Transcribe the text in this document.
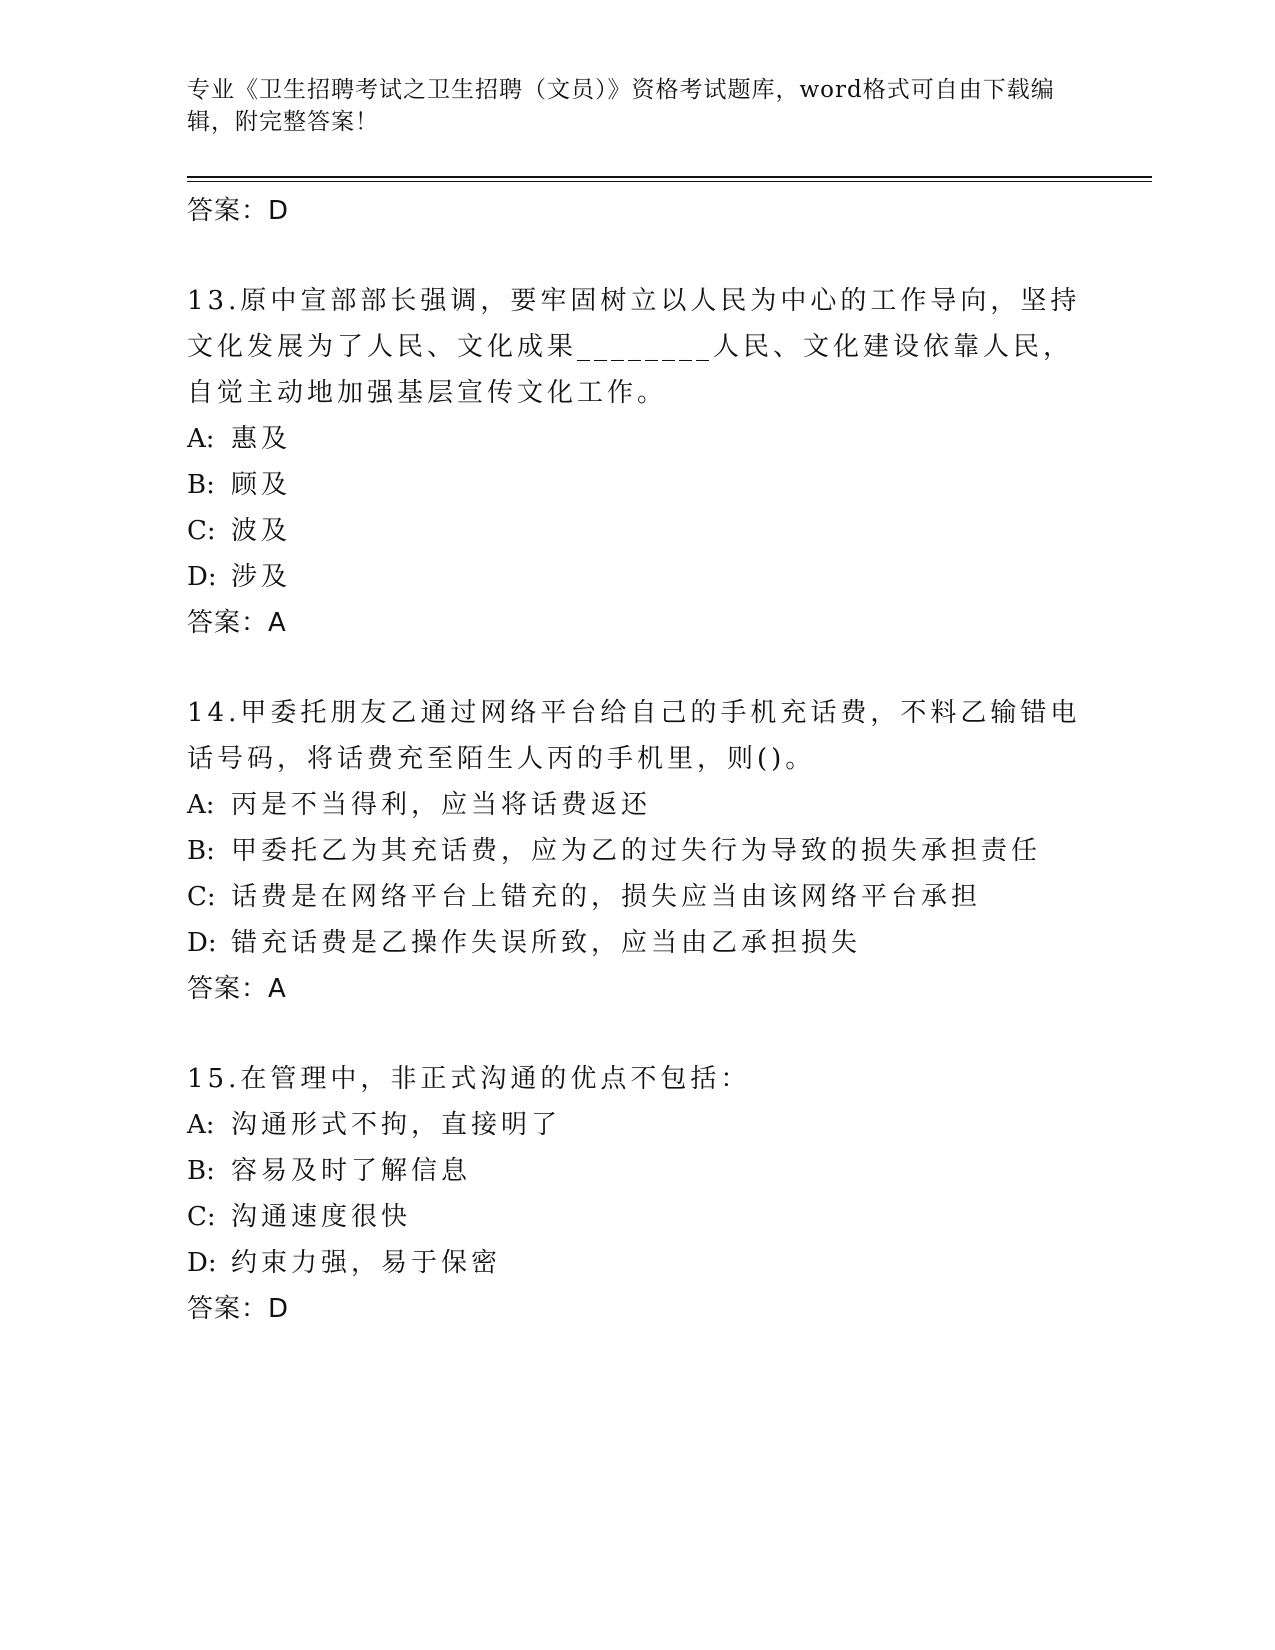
专业《卫生招聘考试之卫生招聘（文员）》资格考试题库，word格式可自由下载编辑，附完整答案！
答案：D
13.原中宣部部长强调，要牢固树立以人民为中心的工作导向，坚持文化发展为了人民、文化成果________人民、文化建设依靠人民，自觉主动地加强基层宣传文化工作。
A: 惠及
B: 顾及
C: 波及
D: 涉及
答案：A
14.甲委托朋友乙通过网络平台给自己的手机充话费，不料乙输错电话号码，将话费充至陌生人丙的手机里，则()。
A: 丙是不当得利，应当将话费返还
B: 甲委托乙为其充话费，应为乙的过失行为导致的损失承担责任
C: 话费是在网络平台上错充的，损失应当由该网络平台承担
D: 错充话费是乙操作失误所致，应当由乙承担损失
答案：A
15.在管理中，非正式沟通的优点不包括：
A: 沟通形式不拘，直接明了
B: 容易及时了解信息
C: 沟通速度很快
D: 约束力强，易于保密
答案：D
